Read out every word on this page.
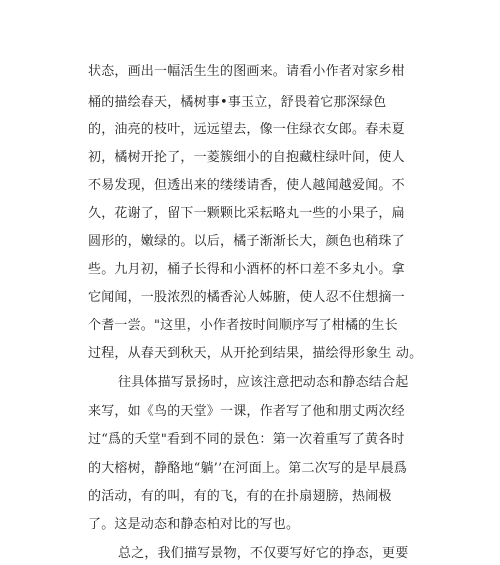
状态，画出一幅活生生的图画来。请看小作者对家乡柑
桶的描绘春天，橘树事•事玉立，舒畏着它那深绿色
的，油亮的枝叶，远远望去，像一住绿衣女郎。春未夏
初，橘树开抡了，一菱簇细小的自抱藏柱绿叶间，使人
不易发现，但透出来的缕缕请香，使人越闻越爱闻。不
久，花谢了，留下一颗颗比采耘略丸一些的小果子，扁
圆形的，嫩绿的。以后，橘子渐渐长大，颜色也稍珠了
些。九月初，桶子长得和小酒杯的杯口差不多丸小。拿
它闻闻，一股浓烈的橘香沁人姊腑，使人忍不住想摘一
个耆一尝。"这里，小作者按时间顺序写了柑橘的生长
过程，从春天到秋天，从开抡到结果，描绘得形象生 动。
往具体描写景扬时，应该注意把动态和静态结合起
来写，如《鸟的天堂》一课，作者写了他和朋丈两次经
过“爲的夭堂"看到不同的景色：第一次着重写了黄各时
的大榕树，静酪地“躺’’在河面上。第二次写的是早晨爲
的活动，有的叫，有的飞，有的在扑扇翅膀，热闹极
了。这是动态和静态柏对比的写也。
总之，我们描写景物，不仅要写好它的挣态，更要
